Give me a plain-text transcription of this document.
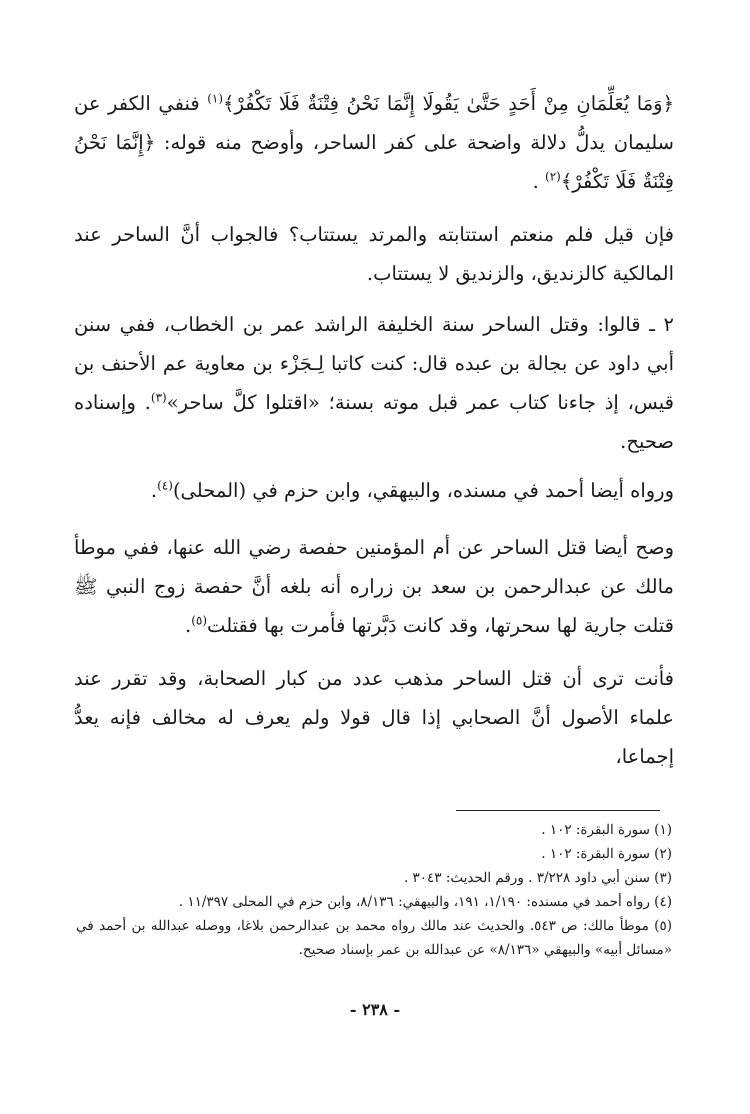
﴿وَمَا يُعَلِّمَانِ مِنْ أَحَدٍ حَتَّىٰ يَقُولَا إِنَّمَا نَحْنُ فِتْنَةٌ فَلَا تَكْفُرْ﴾$^{(١)}$ فنفي الكفر عن سليمان يدلُّ دلالة واضحة على كفر الساحر، وأوضح منه قوله: ﴿إِنَّمَا نَحْنُ فِتْنَةٌ فَلَا تَكْفُرْ﴾$^{(٢)}$ .

فإن قيل فلم منعتم استتابته والمرتد يستتاب؟ فالجواب أنَّ الساحر عند المالكية كالزنديق، والزنديق لا يستتاب.

٢ ـ قالوا: وقتل الساحر سنة الخليفة الراشد عمر بن الخطاب، ففي سنن أبي داود عن بجالة بن عبده قال: كنت كاتبا لِـجَزْء بن معاوية عم الأحنف بن قيس، إذ جاءنا كتاب عمر قبل موته بسنة؛ «اقتلوا كلَّ ساحر»$^{(٣)}$. وإسناده صحيح.

ورواه أيضا أحمد في مسنده، والبيهقي، وابن حزم في (المحلى)$^{(٤)}$.

وصح أيضا قتل الساحر عن أم المؤمنين حفصة رضي الله عنها، ففي موطأ مالك عن عبدالرحمن بن سعد بن زراره أنه بلغه أنَّ حفصة زوج النبي ﷺ قتلت جارية لها سحرتها، وقد كانت دَبَّرتها فأمرت بها فقتلت$^{(٥)}$.

فأنت ترى أن قتل الساحر مذهب عدد من كبار الصحابة، وقد تقرر عند علماء الأصول أنَّ الصحابي إذا قال قولا ولم يعرف له مخالف فإنه يعدُّ إجماعا،

(١) سورة البقرة: ١٠٢ .

(٢) سورة البقرة: ١٠٢ .

(٣) سنن أبي داود ٣/٢٢٨ . ورقم الحديث: ٣٠٤٣ .

(٤) رواه أحمد في مسنده: ١/١٩٠، ١٩١، والبيهقي: ٨/١٣٦، وابن حزم في المحلى ١١/٣٩٧ .

(٥) موطأ مالك: ص ٥٤٣. والحديث عند مالك رواه محمد بن عبدالرحمن بلاغا، ووصله عبدالله بن أحمد في «مسائل أبيه» والبيهقي «٨/١٣٦» عن عبدالله بن عمر بإسناد صحيح.

- ٢٣٨ -
